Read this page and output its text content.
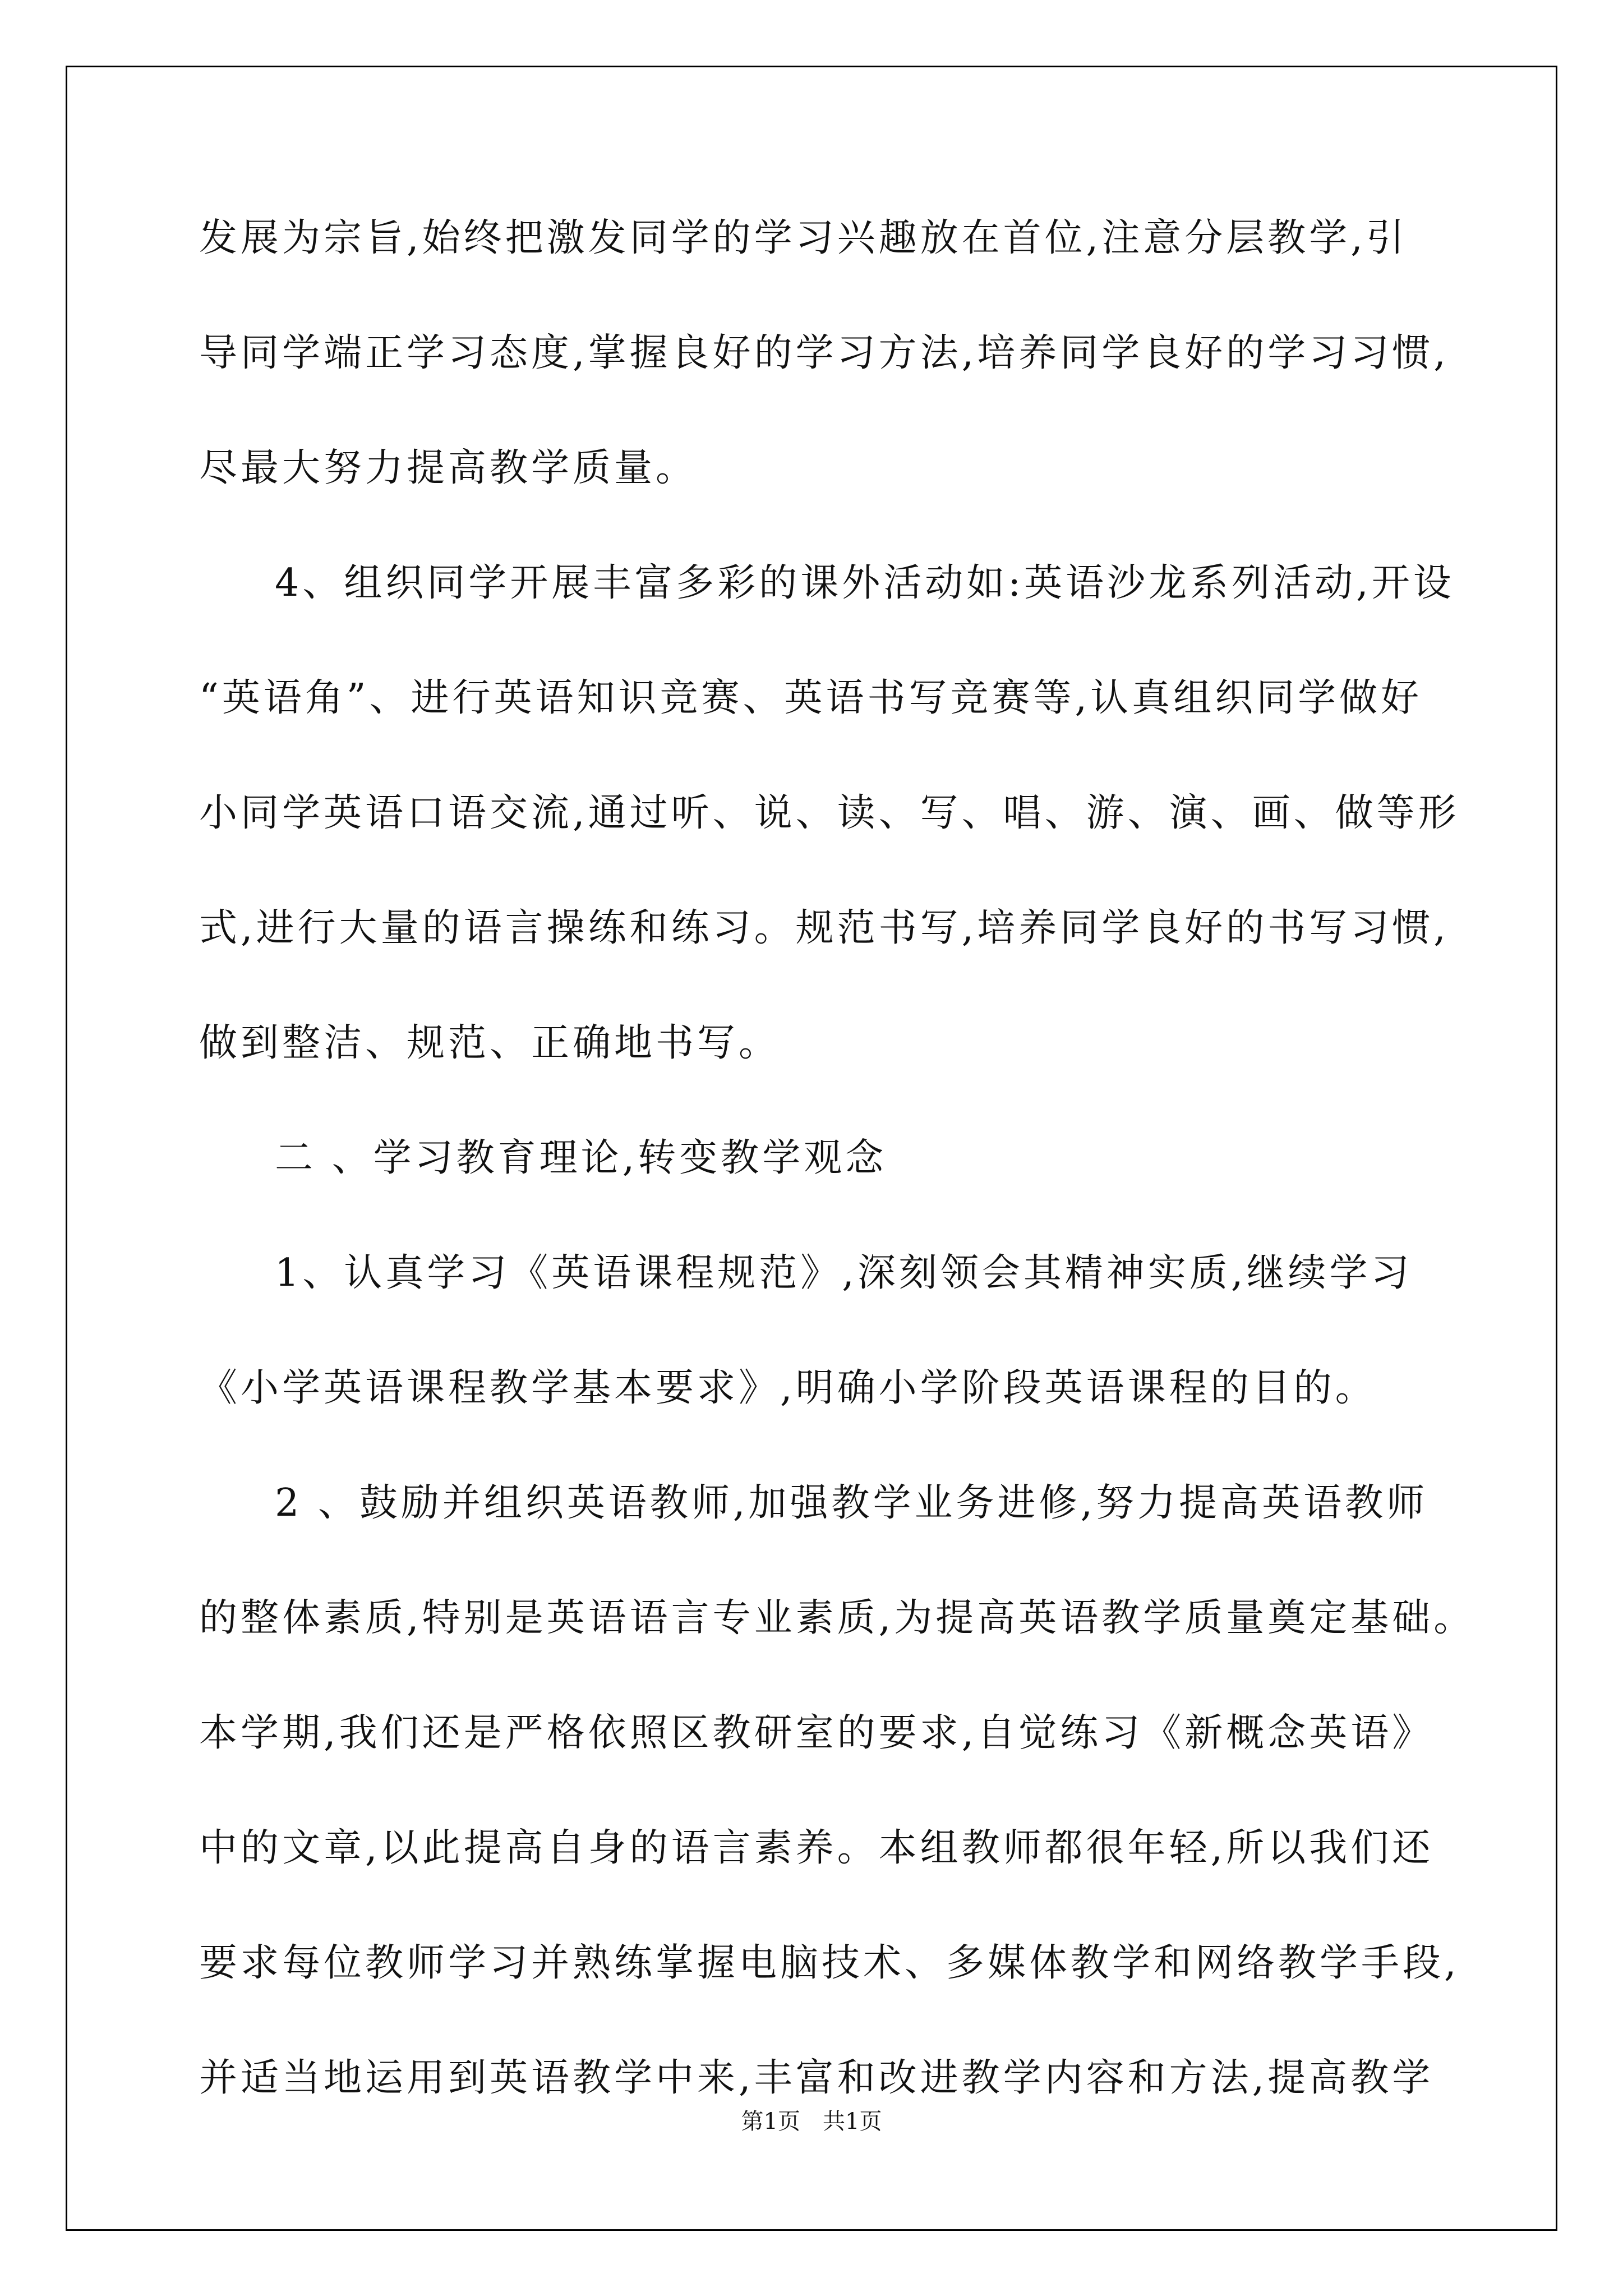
发展为宗旨,始终把激发同学的学习兴趣放在首位,注意分层教学,引
导同学端正学习态度,掌握良好的学习方法,培养同学良好的学习习惯,
尽最大努力提高教学质量。
4、组织同学开展丰富多彩的课外活动如:英语沙龙系列活动,开设
“英语角”、进行英语知识竞赛、英语书写竞赛等,认真组织同学做好
小同学英语口语交流,通过听、说、读、写、唱、游、演、画、做等形
式,进行大量的语言操练和练习。规范书写,培养同学良好的书写习惯,
做到整洁、规范、正确地书写。
二 、学习教育理论,转变教学观念
1、认真学习《英语课程规范》,深刻领会其精神实质,继续学习
《小学英语课程教学基本要求》,明确小学阶段英语课程的目的。
2 、鼓励并组织英语教师,加强教学业务进修,努力提高英语教师
的整体素质,特别是英语语言专业素质,为提高英语教学质量奠定基础。
本学期,我们还是严格依照区教研室的要求,自觉练习《新概念英语》
中的文章,以此提高自身的语言素养。本组教师都很年轻,所以我们还
要求每位教师学习并熟练掌握电脑技术、多媒体教学和网络教学手段,
并适当地运用到英语教学中来,丰富和改进教学内容和方法,提高教学
第1页　共1页
